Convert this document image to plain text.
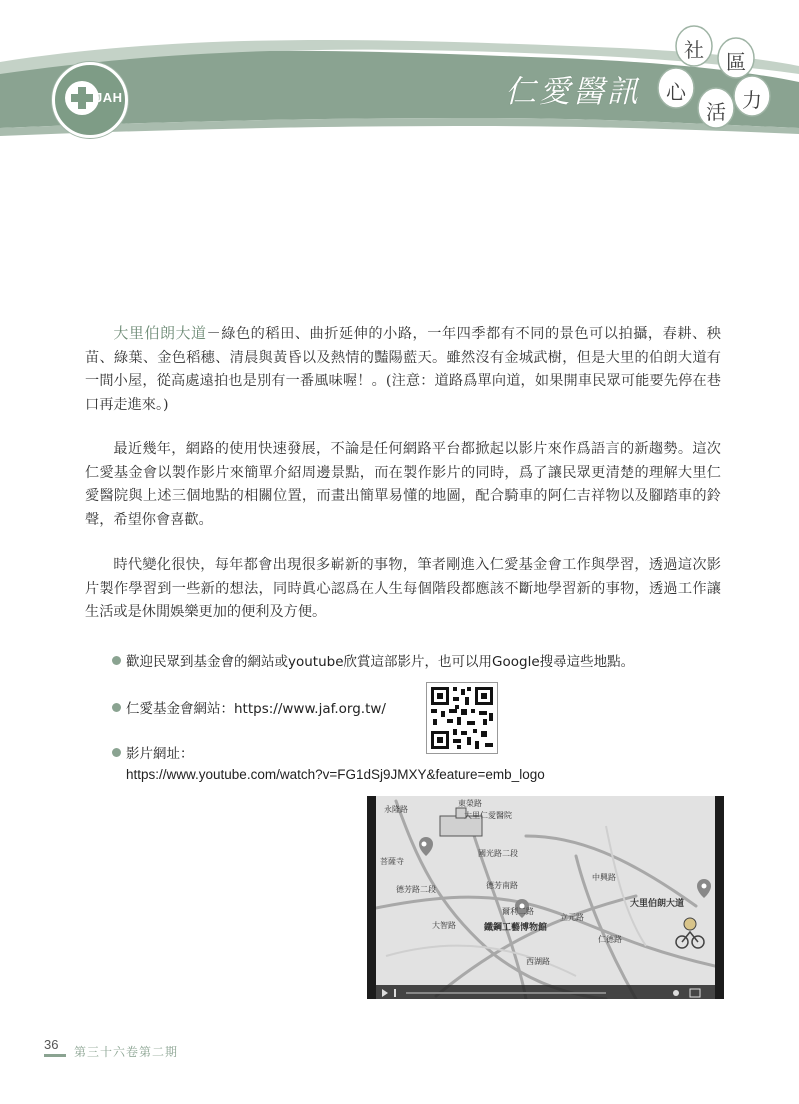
JAH	仁愛醫訊
社 區
心
活 力
大里伯朗大道－綠色的稻田、曲折延伸的小路，一年四季都有不同的景色可以拍攝，春耕、秧苗、綠葉、金色稻穗、清晨與黃昏以及熱情的豔陽藍天。雖然沒有金城武樹，但是大里的伯朗大道有一間小屋，從高處遠拍也是別有一番風味喔！。(注意：道路爲單向道，如果開車民眾可能要先停在巷口再走進來。)
最近幾年，網路的使用快速發展，不論是任何網路平台都掀起以影片來作爲語言的新趨勢。這次仁愛基金會以製作影片來簡單介紹周邊景點，而在製作影片的同時，爲了讓民眾更清楚的理解大里仁愛醫院與上述三個地點的相關位置，而畫出簡單易懂的地圖，配合騎車的阿仁吉祥物以及腳踏車的鈴聲，希望你會喜歡。
時代變化很快，每年都會出現很多嶄新的事物，筆者剛進入仁愛基金會工作與學習，透過這次影片製作學習到一些新的想法，同時眞心認爲在人生每個階段都應該不斷地學習新的事物，透過工作讓生活或是休閒娛樂更加的便利及方便。
歡迎民眾到基金會的網站或youtube欣賞這部影片，也可以用Google搜尋這些地點。
仁愛基金會網站：https://www.jaf.org.tw/
影片網址：
https://www.youtube.com/watch?v=FG1dSj9JMXY&feature=emb_logo
大里仁愛醫院
東榮路
永隆路
菩薩寺
德芳路二段	德芳南路
國光路二段
大里伯朗大道
鐵鋼工藝博物館
大智路
爾利二路
立元路
中興路
仁德路
西湖路
36 第三十六卷第二期
